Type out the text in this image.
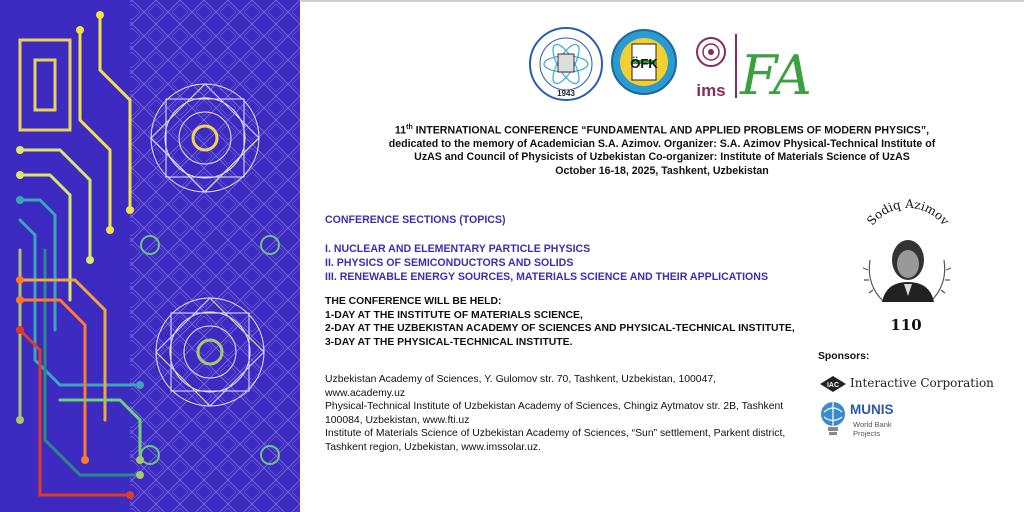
1943
ÖFK
ims FA
11th INTERNATIONAL CONFERENCE “FUNDAMENTAL AND APPLIED PROBLEMS OF MODERN PHYSICS”,
dedicated to the memory of Academician S.A. Azimov. Organizer: S.A. Azimov Physical-Technical Institute of
UzAS and Council of Physicists of Uzbekistan Co-organizer: Institute of Materials Science of UzAS
October 16-18, 2025, Tashkent, Uzbekistan
CONFERENCE SECTIONS (TOPICS)
I. NUCLEAR AND ELEMENTARY PARTICLE PHYSICS
II. PHYSICS OF SEMICONDUCTORS AND SOLIDS
III. RENEWABLE ENERGY SOURCES, MATERIALS SCIENCE AND THEIR APPLICATIONS
THE CONFERENCE WILL BE HELD:
1-DAY AT THE INSTITUTE OF MATERIALS SCIENCE,
2-DAY AT THE UZBEKISTAN ACADEMY OF SCIENCES AND PHYSICAL-TECHNICAL INSTITUTE,
3-DAY AT THE PHYSICAL-TECHNICAL INSTITUTE.
Uzbekistan Academy of Sciences, Y. Gulomov str. 70, Tashkent, Uzbekistan, 100047, www.academy.uz
Physical-Technical Institute of Uzbekistan Academy of Sciences, Chingiz Aytmatov str. 2B, Tashkent 100084, Uzbekistan, www.fti.uz
Institute of Materials Science of Uzbekistan Academy of Sciences, “Sun” settlement, Parkent district, Tashkent region, Uzbekistan, www.imssolar.uz.
Sodiq Azimov
110
Sponsors:
IAC Interactive Corporation
MUNIS
World Bank
Projects
